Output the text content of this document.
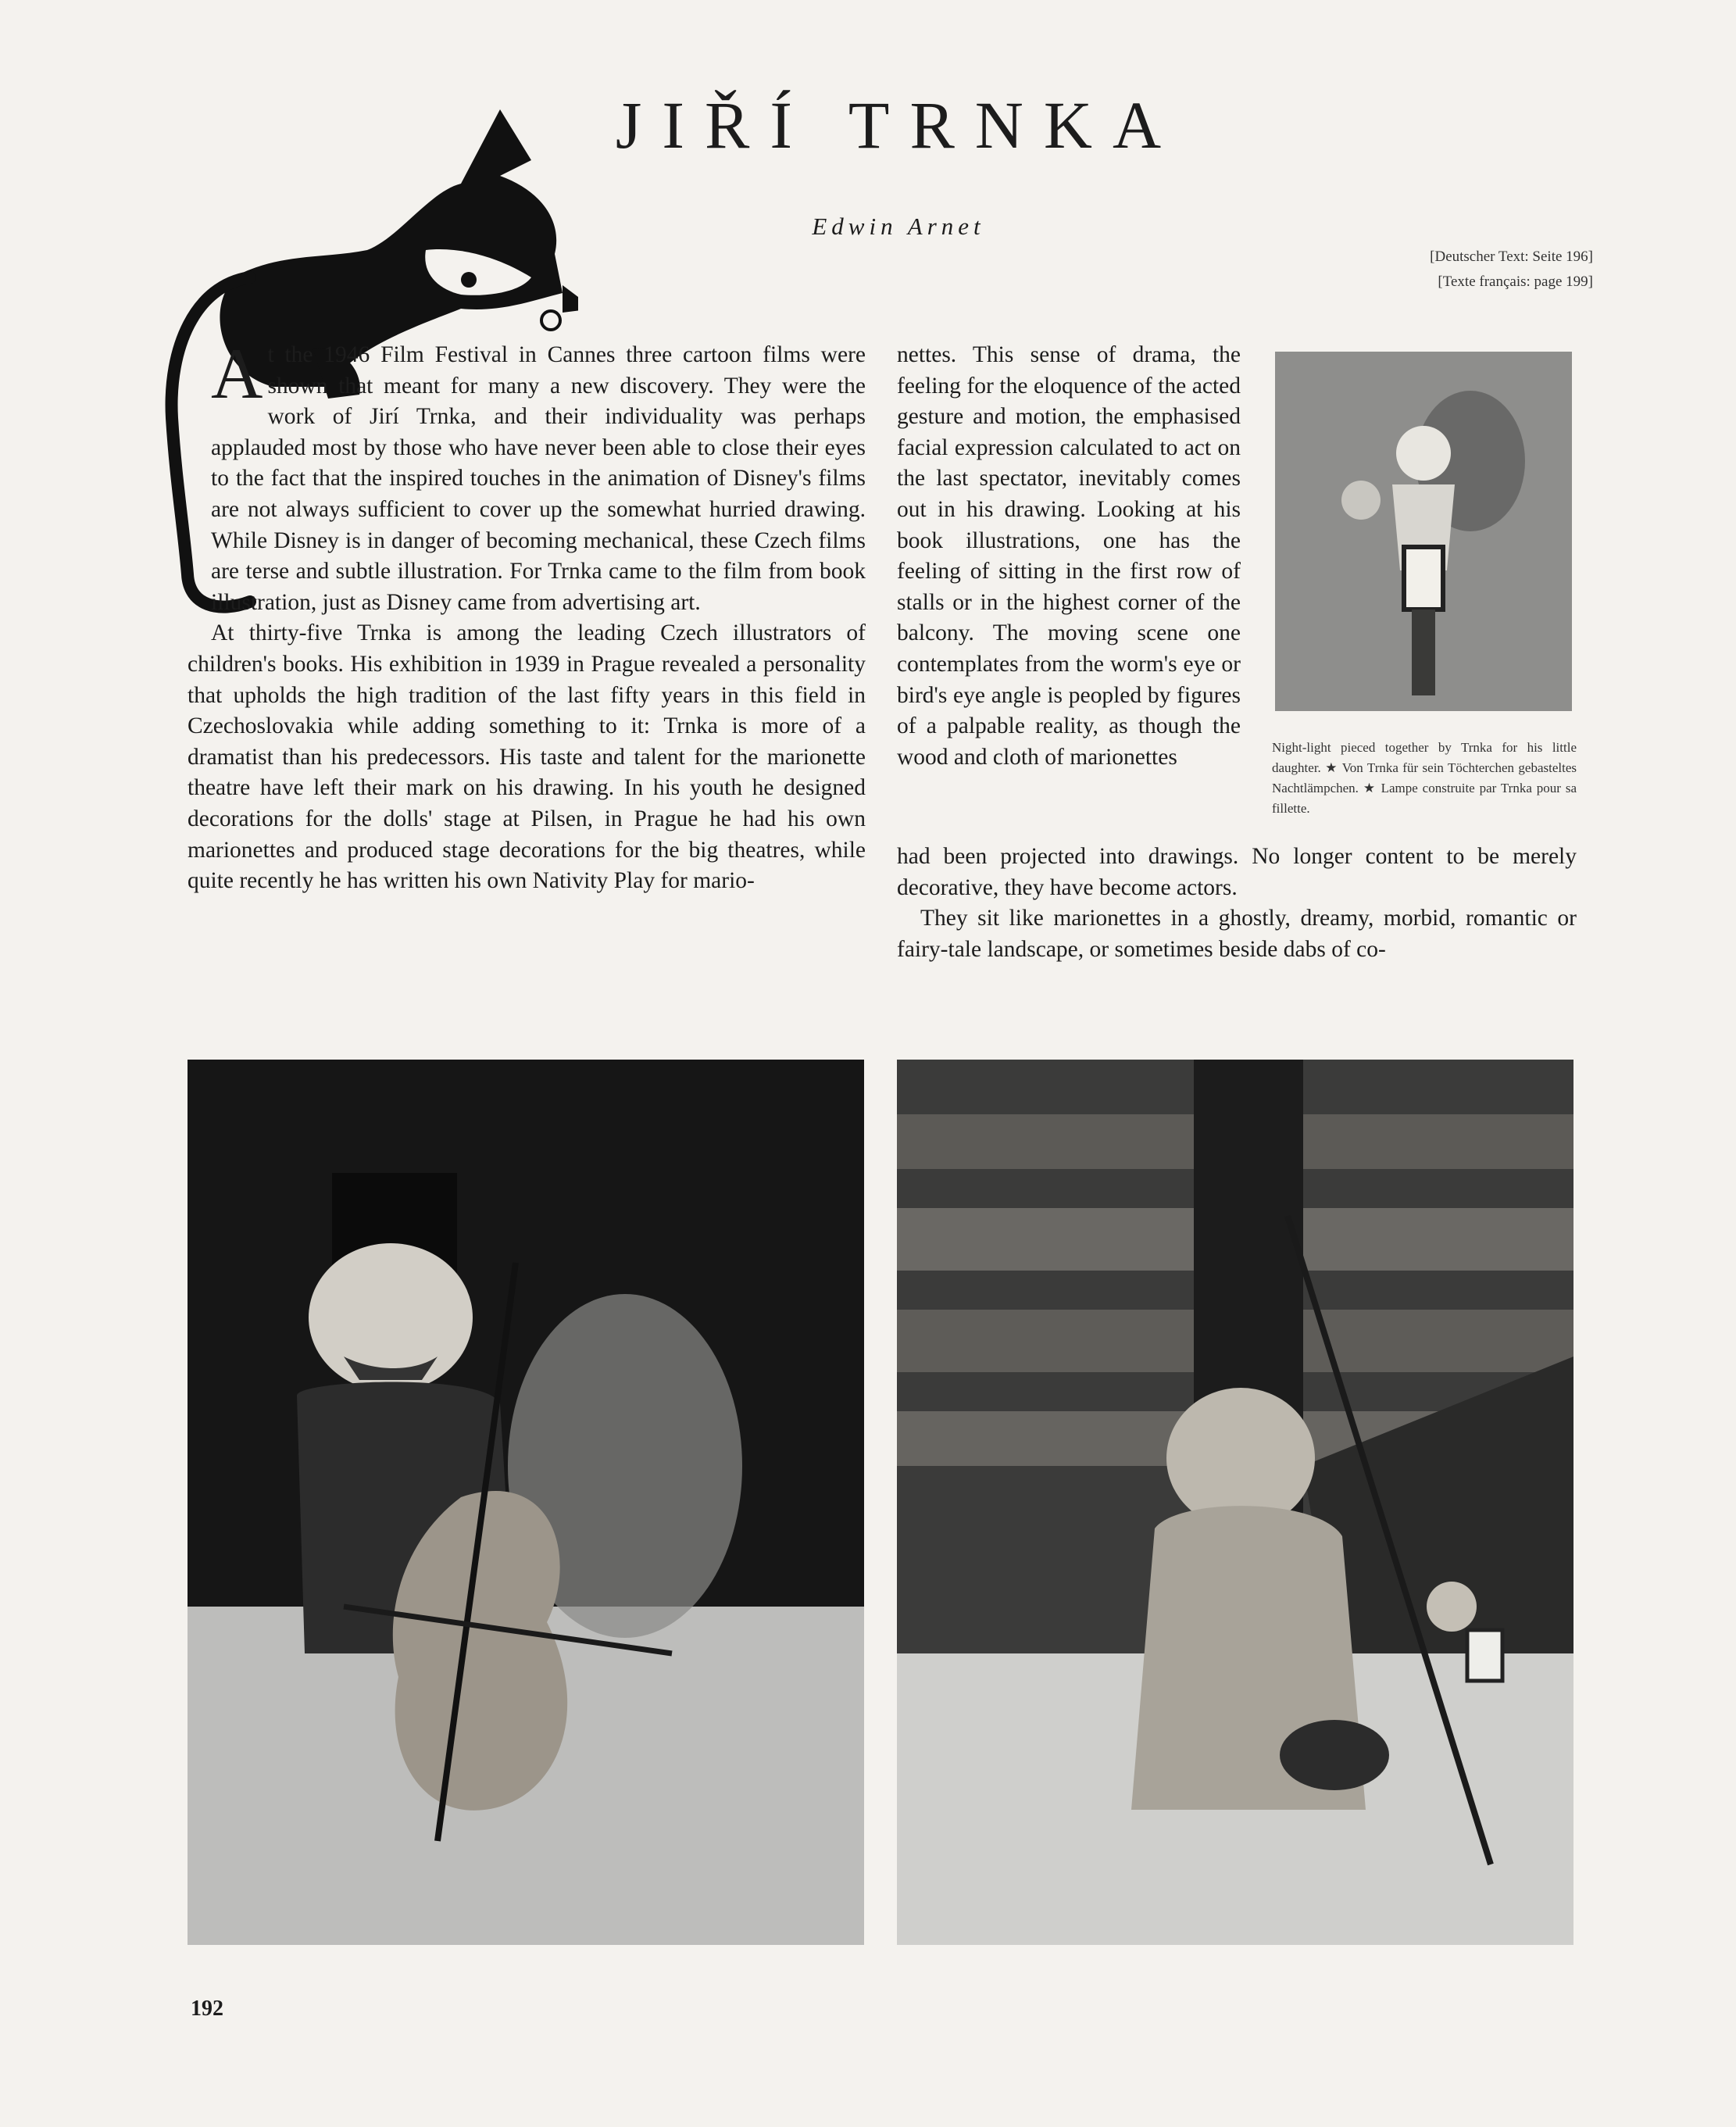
JIŘÍ TRNKA
Edwin Arnet
[Deutscher Text: Seite 196]
[Texte français: page 199]

At the 1946 Film Festival in Cannes three cartoon films were shown that meant for many a new discovery. They were the work of Jirí Trnka, and their individuality was perhaps applauded most by those who have never been able to close their eyes to the fact that the inspired touches in the animation of Disney's films are not always sufficient to cover up the somewhat hurried drawing. While Disney is in danger of becoming mechanical, these Czech films are terse and subtle illustration. For Trnka came to the film from book illustration, just as Disney came from advertising art.

At thirty-five Trnka is among the leading Czech illustrators of children's books. His exhibition in 1939 in Prague revealed a personality that upholds the high tradition of the last fifty years in this field in Czechoslovakia while adding something to it: Trnka is more of a dramatist than his predecessors. His taste and talent for the marionette theatre have left their mark on his drawing. In his youth he designed decorations for the dolls' stage at Pilsen, in Prague he had his own marionettes and produced stage decorations for the big theatres, while quite recently he has written his own Nativity Play for mario-

nettes. This sense of drama, the feeling for the eloquence of the acted gesture and motion, the emphasised facial expression calculated to act on the last spectator, inevitably comes out in his drawing. Looking at his book illustrations, one has the feeling of sitting in the first row of stalls or in the highest corner of the balcony. The moving scene one contemplates from the worm's eye or bird's eye angle is peopled by figures of a palpable reality, as though the wood and cloth of marionettes

had been projected into drawings. No longer content to be merely decorative, they have become actors.

They sit like marionettes in a ghostly, dreamy, morbid, romantic or fairy-tale landscape, or sometimes beside dabs of co-

Night-light pieced together by Trnka for his little daughter. ★ Von Trnka für sein Töchterchen gebasteltes Nachtlämpchen. ★ Lampe construite par Trnka pour sa fillette.
192
